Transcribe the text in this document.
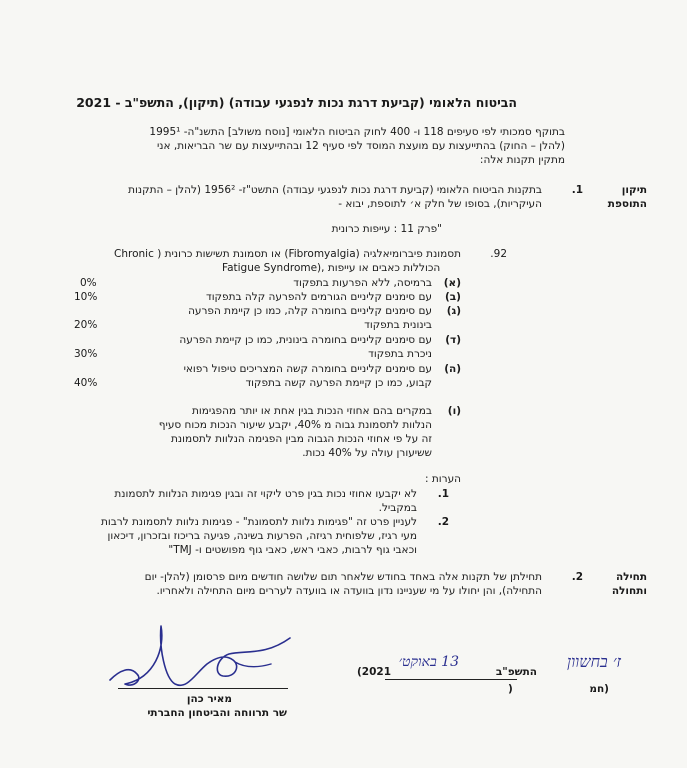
הביטוח הלאומי (קביעת דרגת נכות לנפגעי עבודה) (תיקון), התשפ"ב - 2021
בתוקף סמכותי לפי סעיפים 118 ו- 400 לחוק הביטוח הלאומי [נוסח משולב] התשנ"ה- 1995¹
(להלן – החוק) בהתייעצות עם מועצת המוסד לפי סעיף 12 ובהתייעצות עם שר הבריאות, אני
מתקין תקנות אלה:
תיקון
התוספת
.1
בתקנות הביטוח הלאומי (קביעת דרגת נכות לנפגעי עבודה) התשט"ז- 1956² (להלן – התקנות
העיקריות), בסופו של חלק א׳ לתוספת, יבוא -
"פרק 11 : עייפות כרונית
.92
תסמונת פיברומיאלגיה (Fibromyalgia) או תסמונת תשישות כרונית ( Chronic
Fatigue Syndrome), הכוללות כאבים או עייפות
(א)
ברמיסה, ללא הפרעות בתפקוד
0%
(ב)
עם סימנים קליניים הגורמים להפרעה קלה בתפקוד
10%
(ג)
עם סימנים קליניים בחומרה קלה, כמו כן קיימת הפרעה
בינונית בתפקוד
20%
(ד)
עם סימנים קליניים בחומרה בינונית, כמו כן קיימת הפרעה
ניכרת בתפקוד
30%
(ה)
עם סימנים קליניים בחומרה קשה המצריכים טיפול רפואי
קבוע, כמו כן קיימת הפרעה קשה בתפקוד
40%
(ו)
במקרים בהם אחוזי הנכות בגין אחת או יותר מהפגימות
הנלוות לתסמונת גבוה מ 40%, יקבע שיעור הנכות מכוח סעיף
זה על פי אחוזי הנכות הגבוה מבין הפגימה הנלוות לתסמונת
ששיעורן עולה על 40% נכות.
הערות :
.1
לא יקבעו אחוזי נכות בגין פרט ליקוי זה ובגין פגימות הנלוות לתסמונת
במקביל.
.2
לעניין פרט זה "פגימות נלוות לתסמונת" - פגימות נלוות לתסמונת לרבות
מעי רגיז, שלפוחית רגיזה, הפרעות בשינה, פגיעה בריכוז ובזכרון, דיכאון
וכאבי גוף לרבות, כאבי ראש, כאבי גוף מפושטים ו- TMJ"
תחילה
ותחולה
.2
תחילתן של תקנות אלה באחד בחודש שלאחר תום שלושה חודשים מיום פרסומן (להלן- יום
התחילה), והן יחולו על מי שעניינו נדון בוועדה או בוועדה לעררים מיום התחילה ולאחריו.
ז׳ בחשוון
התשפ"ב
13 באוקט׳
(2021
(חמ
)
מאיר כהן
שר תרווחה והביטחון החברתי
